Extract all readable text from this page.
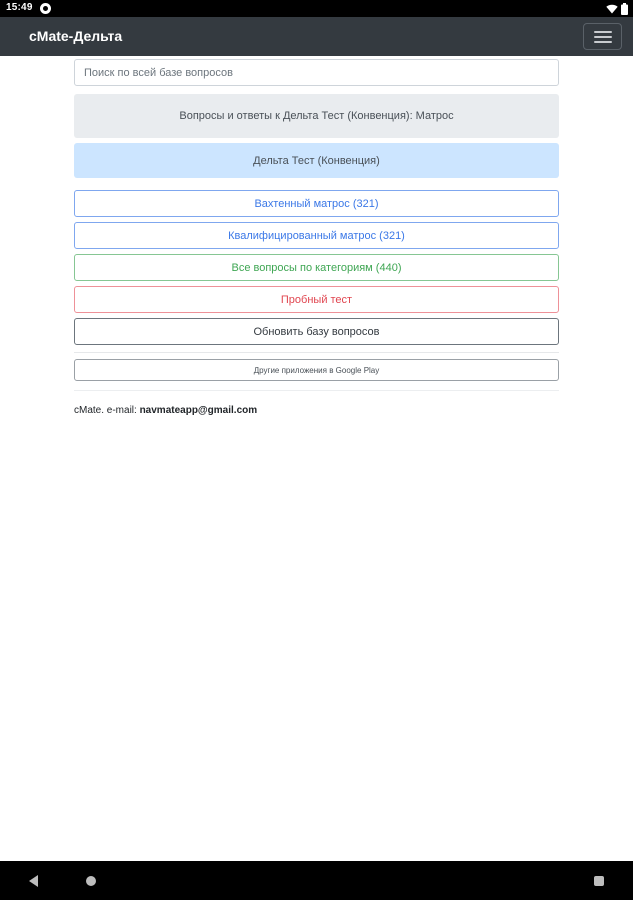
15:49
cMate-Дельта
Поиск по всей базе вопросов
Вопросы и ответы к Дельта Тест (Конвенция): Матрос
Дельта Тест (Конвенция)
Вахтенный матрос (321)
Квалифицированный матрос (321)
Все вопросы по категориям (440)
Пробный тест
Обновить базу вопросов
Другие приложения в Google Play
cMate. e-mail: navmateapp@gmail.com
